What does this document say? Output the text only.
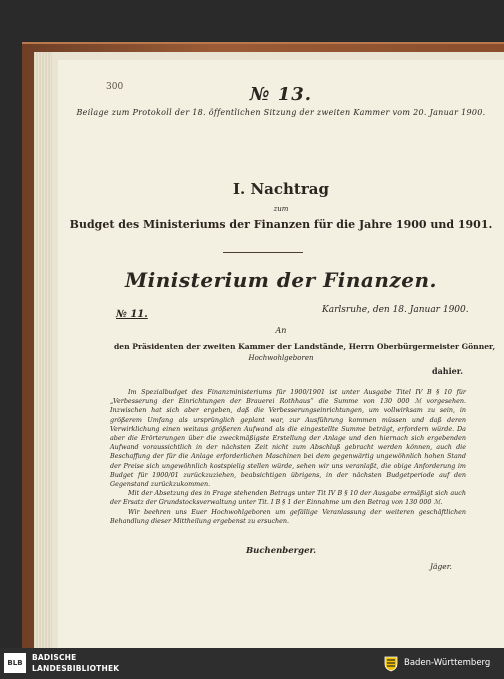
300	№ 13.
Beilage zum Protokoll der 18. öffentlichen Sitzung der zweiten Kammer vom 20. Januar 1900.
I. Nachtrag
zum
Budget des Ministeriums der Finanzen für die Jahre 1900 und 1901.
Ministerium der Finanzen.
№ 11.	Karlsruhe, den 18. Januar 1900.
An
den Präsidenten der zweiten Kammer der Landstände, Herrn Oberbürgermeister Gönner,
Hochwohlgeboren
dahier.

Im Spezialbudget des Finanzministeriums für 1900/1901 ist unter Ausgabe Titel IV B § 10 für „Verbesserung der Einrichtungen der Brauerei Rothhaus“ die Summe von 130 000 ℳ vorgesehen. Inzwischen hat sich aber ergeben, daß die Verbesserungseinrichtungen, um vollwirksam zu sein, in größerem Umfang als ursprünglich geplant war, zur Ausführung kommen müssen und daß deren Verwirklichung einen weitaus größeren Aufwand als die eingestellte Summe beträgt, erfordern würde. Da aber die Erörterungen über die zweckmäßigste Erstellung der Anlage und den hiernach sich ergebenden Aufwand voraussichtlich in der nächsten Zeit nicht zum Abschluß gebracht werden können, auch die Beschaffung der für die Anlage erforderlichen Maschinen bei dem gegenwärtig ungewöhnlich hohen Stand der Preise sich ungewöhnlich kostspielig stellen würde, sehen wir uns veranlaßt, die obige Anforderung im Budget für 1900/01 zurückzuziehen, beabsichtigen übrigens, in der nächsten Budgetperiode auf den Gegenstand zurückzukommen.

Mit der Absetzung des in Frage stehenden Betrags unter Tit IV B § 10 der Ausgabe ermäßigt sich auch der Ersatz der Grundstocksverwaltung unter Tit. I B § 1 der Einnahme um den Betrag von 130 000 ℳ.

Wir beehren uns Euer Hochwohlgeboren um gefällige Veranlassung der weiteren geschäftlichen Behandlung dieser Mittheilung ergebenst zu ersuchen.

Buchenberger.
Jäger.
BLB
BADISCHE
LANDESBIBLIOTHEK
Baden-Württemberg
